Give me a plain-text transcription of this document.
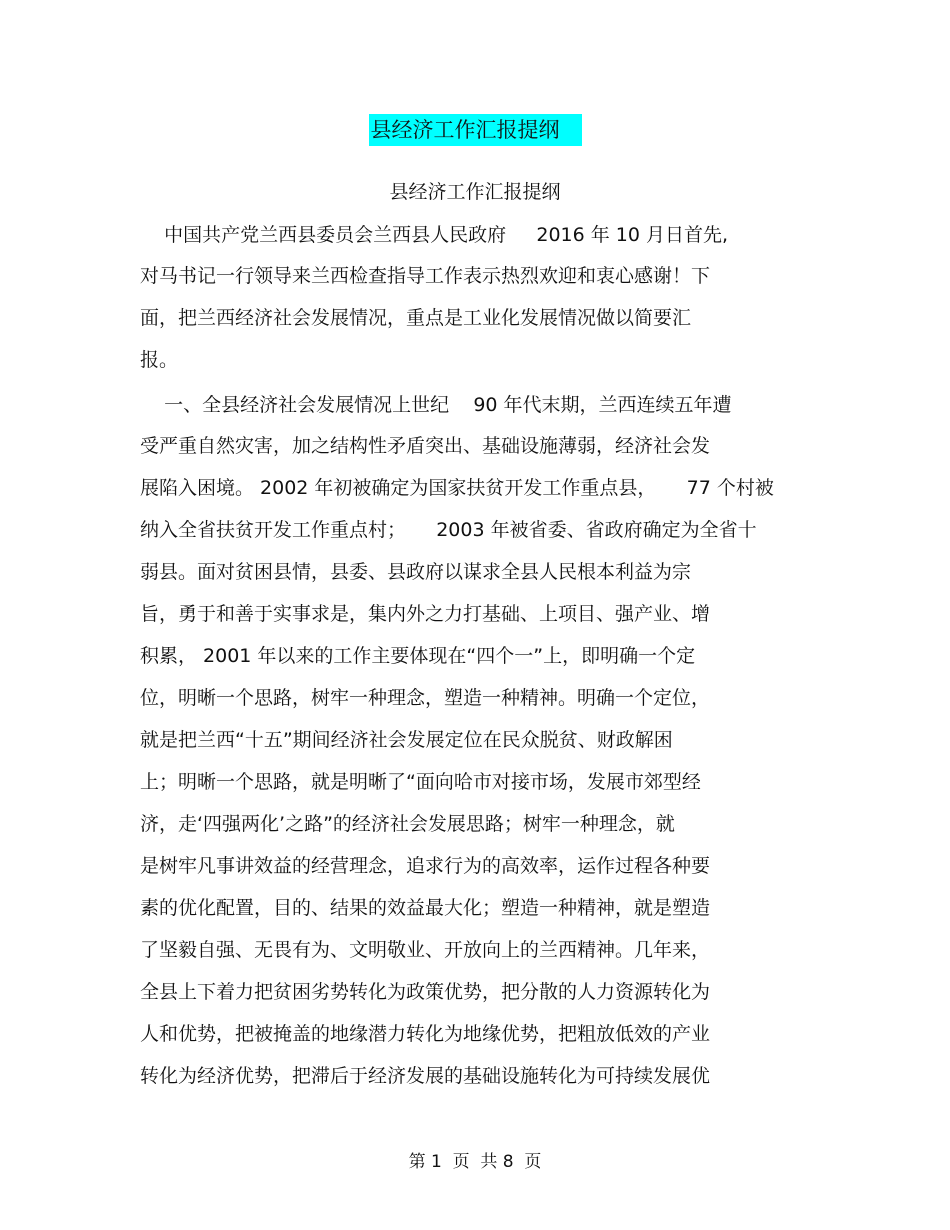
县经济工作汇报提纲
县经济工作汇报提纲
中国共产党兰西县委员会兰西县人民政府     2016 年 10 月日首先,
对马书记一行领导来兰西检查指导工作表示热烈欢迎和衷心感谢！下
面，把兰西经济社会发展情况，重点是工业化发展情况做以简要汇
报。
一、全县经济社会发展情况上世纪    90 年代末期，兰西连续五年遭
受严重自然灾害，加之结构性矛盾突出、基础设施薄弱，经济社会发
展陷入困境。 2002 年初被确定为国家扶贫开发工作重点县，     77 个村被
纳入全省扶贫开发工作重点村；     2003 年被省委、省政府确定为全省十
弱县。面对贫困县情，县委、县政府以谋求全县人民根本利益为宗
旨，勇于和善于实事求是，集内外之力打基础、上项目、强产业、增
积累， 2001 年以来的工作主要体现在“四个一”上，即明确一个定
位，明晰一个思路，树牢一种理念，塑造一种精神。明确一个定位，
就是把兰西“十五”期间经济社会发展定位在民众脱贫、财政解困
上；明晰一个思路，就是明晰了“面向哈市对接市场，发展市郊型经
济，走‘四强两化’之路”的经济社会发展思路；树牢一种理念，就
是树牢凡事讲效益的经营理念，追求行为的高效率，运作过程各种要
素的优化配置，目的、结果的效益最大化；塑造一种精神，就是塑造
了坚毅自强、无畏有为、文明敬业、开放向上的兰西精神。几年来，
全县上下着力把贫困劣势转化为政策优势，把分散的人力资源转化为
人和优势，把被掩盖的地缘潜力转化为地缘优势，把粗放低效的产业
转化为经济优势，把滞后于经济发展的基础设施转化为可持续发展优
第 1  页  共 8  页
